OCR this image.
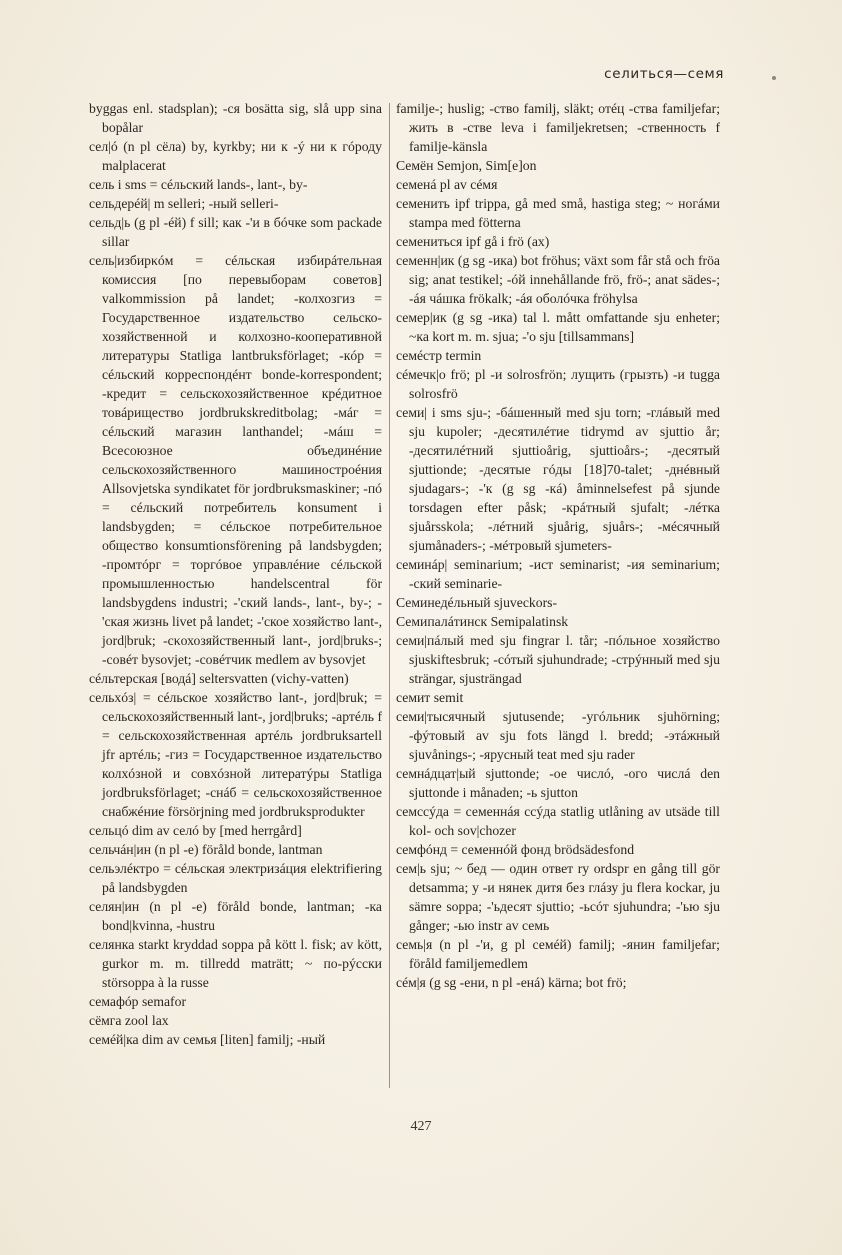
селиться—семя

byggas enl. stadsplan); -ся bosätta sig, slå upp sina bopålar

сел|ó (n pl сёла) by, kyrkby; ни к -ý ни к гóроду malplacerat

сель i sms = сéльский lands-, lant-, by-

сельдерéй| m selleri; -ный selleri-

сельд|ь (g pl -éй) f sill; как -'и в бóчке som packade sillar

сель|избирκóм = сéльская избирáтельная комиссия [по перевыборам советов] valkommission på landet; -колхозгиз = Государственное издательство сельско-хозяйственной и колхозно-кооперативной литературы Statliga lantbruksförlaget; -кóр = сéльский корреспондéнт bonde-korrespondent; -кредит = сельскохозяйственное крéдитное товáрищество jordbrukskreditbolag; -мáг = сéльский магазин lanthandel; -мáш = Всесоюзное объединéние сельскохозяйственного машиностроéния Allsovjetska syndikatet för jordbruksmaskiner; -пó = сéльский потребитель konsument i landsbygden; = сéльское потребительное общество konsumtionsförening på landsbygden; -промтóрг = торгóвое управлéние сéльской промышленностью handelscentral för landsbygdens industri; -'ский lands-, lant-, by-; -'ская жизнь livet på landet; -'ское хозяйство lant-, jord|bruk; -сκохозяйственный lant-, jord|bruks-; -совéт bysovjet; -совéтчик medlem av bysovjet

сéльтерская [водá] seltersvatten (vichy-vatten)

сельхóз| = сéльское хозяйство lant-, jord|bruk; = сельскохозяйственный lant-, jord|bruks; -артéль f = сельскохозяйственная артéль jordbruksartell jfr артéль; -гиз = Государственное издательство колхóзной и совхóзной литератýры Statliga jordbruksförlaget; -снáб = сельскохозяйственное снабжéние försörjning med jordbruksprodukter

сельцó dim av селó by [med herrgård]

сельчáн|ин (n pl -е) föråld bonde, lantman

сельэлéктро = сéльская электризáция elektrifiering på landsbygden

селян|ин (n pl -е) föråld bonde, lantman; -ка bond|kvinna, -hustru

селянка starkt kryddad soppa på kött l. fisk; av kött, gurkor m. m. tillredd maträtt; ~ по-рýсски störsoppa à la russe

семафóр semafor

сёмга zool lax

семéй|ка dim av семья [liten] familj; -ный

familje-; huslig; -ство familj, släkt; отéц -ства familjefar; жить в -стве leva i familjekretsen; -ственность f familje-känsla

Семён Semjon, Sim[e]on

семенá pl av сéмя

семенить ipf trippa, gå med små, hastiga steg; ~ ногáми stampa med fötterna

семениться ipf gå i frö (ax)

семенн|ик (g sg -ика) bot fröhus; växt som får stå och fröa sig; anat testikel; -óй innehållande frö, frö-; anat sädes-; -áя чáшка frökalk; -áя оболóчка fröhylsa

семер|ик (g sg -ика) tal l. mått omfattande sju enheter; ~ка kort m. m. sjua; -'о sju [tillsammans]

семéстр termin

сéмечк|о frö; pl -и solrosfrön; лущить (грызть) -и tugga solrosfrö

семи| i sms sju-; -бáшенный med sju torn; -глáвый med sju kupoler; -десятилéтие tidrymd av sjuttio år; -десятилéтний sjuttioårig, sjuttioårs-; -десятый sjuttionde; -десятые гóды [18]70-talet; -днéвный sjudagars-; -'к (g sg -кá) åminnelsefest på sjunde torsdagen efter påsk; -крáтный sjufalt; -лéтка sjuårsskola; -лéтний sjuårig, sjuårs-; -мéсячный sjumånaders-; -мéтровый sjumeters-

семинáр| seminarium; -ист seminarist; -ия seminarium; -ский seminarie-

Семинедéльный sjuveckors-

Семипалáтинск Semipalatinsk

семи|пáлый med sju fingrar l. tår; -пóльное хозяйство sjuskiftesbruk; -сóтый sjuhundrade; -стрýнный med sju strängar, sjusträngad

семит semit

семи|тысячный sjutusende; -угóльник sjuhörning; -фýтовый av sju fots längd l. bredd; -этáжный sjuvånings-; -ярусный teat med sju rader

семнáдцат|ый sjuttonde; -ое числó, -ого числá den sjuttonde i månaden; -ь sjutton

семссýда = семеннáя ссýда statlig utlåning av utsäde till kol- och sov|chozer

семфóнд = семеннóй фонд brödsädesfond

сем|ь sju; ~ бед — один ответ ry ordspr en gång till gör detsamma; у -и нянек дитя без глáзу ju flera kockar, ju sämre soppa; -'ьдесят sjuttio; -ьсóт sjuhundra; -'ью sju gånger; -ью instr av семь

семь|я (n pl -'и, g pl семéй) familj; -янин familjefar; föråld familjemedlem

сéм|я (g sg -ени, n pl -енá) kärna; bot frö;

427
